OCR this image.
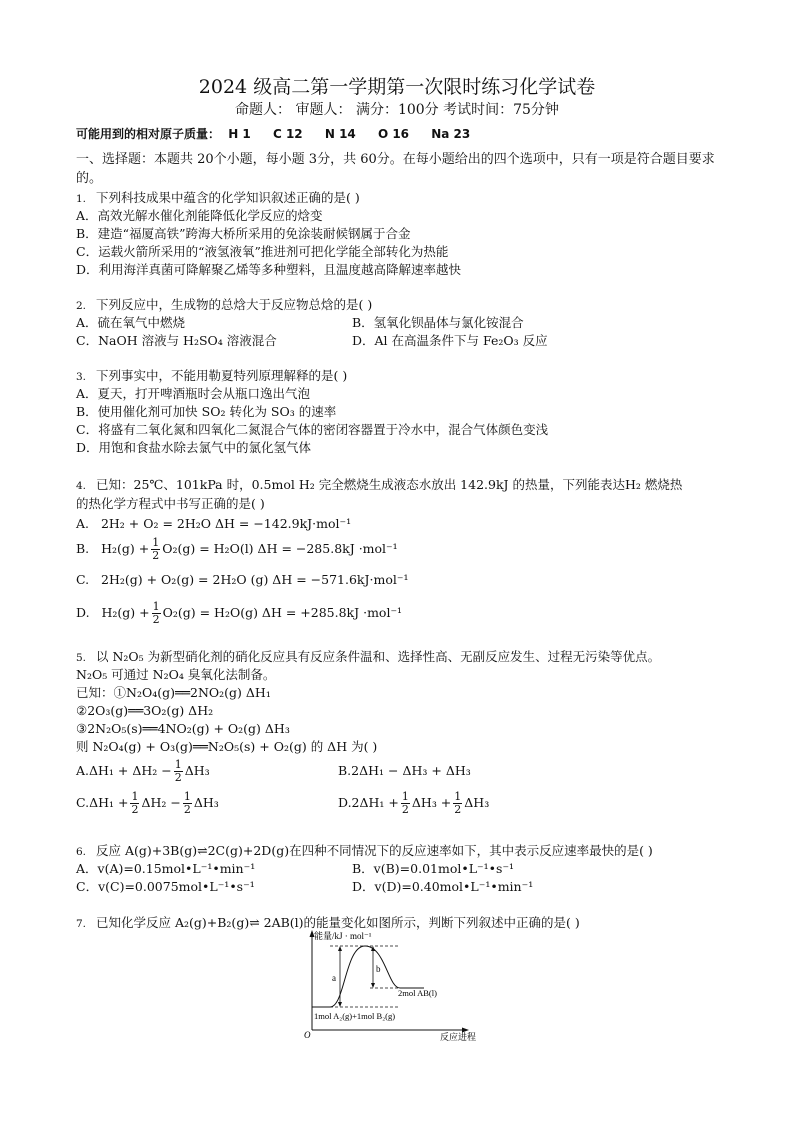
2024 级高二第一学期第一次限时练习化学试卷
命题人： 审题人： 满分：100分 考试时间：75分钟
可能用到的相对原子质量： H 1 C 12 N 14 O 16 Na 23
一、选择题：本题共 20个小题，每小题 3分，共 60分。在每小题给出的四个选项中，只有一项是符合题目要求的。
1. 下列科技成果中蕴含的化学知识叙述正确的是( )
A．高效光解水催化剂能降低化学反应的焓变
B．建造“福厦高铁”跨海大桥所采用的免涂装耐候钢属于合金
C．运载火箭所采用的“液氢液氧”推进剂可把化学能全部转化为热能
D．利用海洋真菌可降解聚乙烯等多种塑料，且温度越高降解速率越快
2. 下列反应中，生成物的总焓大于反应物总焓的是( )
A．硫在氧气中燃烧	B．氢氧化钡晶体与氯化铵混合
C．NaOH 溶液与 H₂SO₄ 溶液混合	D．Al 在高温条件下与 Fe₂O₃ 反应
3. 下列事实中，不能用勒夏特列原理解释的是( )
A．夏天，打开啤酒瓶时会从瓶口逸出气泡
B．使用催化剂可加快 SO₂ 转化为 SO₃ 的速率
C．将盛有二氧化氮和四氧化二氮混合气体的密闭容器置于冷水中，混合气体颜色变浅
D．用饱和食盐水除去氯气中的氯化氢气体
4. 已知：25℃、101kPa 时，0.5mol H₂ 完全燃烧生成液态水放出 142.9kJ 的热量，下列能表达H₂ 燃烧热
的热化学方程式中书写正确的是( )
A. 2H₂ + O₂ = 2H₂O ΔH = −142.9kJ·mol⁻¹
B. $H_2(g) + \frac{1}{2} O_2(g) = H_2O(l) \Delta H = -285.8kJ \cdot mol^{-1}$
C. 2H₂(g) + O₂(g) = 2H₂O (g) ΔH = −571.6kJ·mol⁻¹
D. $H_2(g) + \frac{1}{2} O_2(g) = H_2O(g) \Delta H = +285.8kJ \cdot mol^{-1}$
5. 以 N₂O₅ 为新型硝化剂的硝化反应具有反应条件温和、选择性高、无副反应发生、过程无污染等优点。
N₂O₅ 可通过 N₂O₄ 臭氧化法制备。
已知：①N₂O₄(g)══2NO₂(g) ΔH₁
②2O₃(g)══3O₂(g) ΔH₂
③2N₂O₅(s)══4NO₂(g) + O₂(g) ΔH₃
则 N₂O₄(g) + O₃(g)══N₂O₅(s) + O₂(g) 的 ΔH 为( )
$A.\Delta H_1 + \Delta H_2 - \frac{1}{2} \Delta H_3$	B.2ΔH₁ − ΔH₃ + ΔH₃
$C.\Delta H_1 + \frac{1}{2} \Delta H_2 - \frac{1}{2} \Delta H_3$	$D.2\Delta H_1 + \frac{1}{2} \Delta H_3 + \frac{1}{2} \Delta H_3$
6. 反应 A(g)+3B(g)⇌2C(g)+2D(g)在四种不同情况下的反应速率如下，其中表示反应速率最快的是( )
A．v(A)=0.15mol•L⁻¹•min⁻¹	B．v(B)=0.01mol•L⁻¹•s⁻¹
C．v(C)=0.0075mol•L⁻¹•s⁻¹	D．v(D)=0.40mol•L⁻¹•min⁻¹
7. 已知化学反应 A₂(g)+B₂(g)⇌ 2AB(l)的能量变化如图所示，判断下列叙述中正确的是( )
能量/kJ · mol⁻¹
反应进程
O
a
b
2mol AB(l)
1mol A₂(g)+1mol B₂(g)
